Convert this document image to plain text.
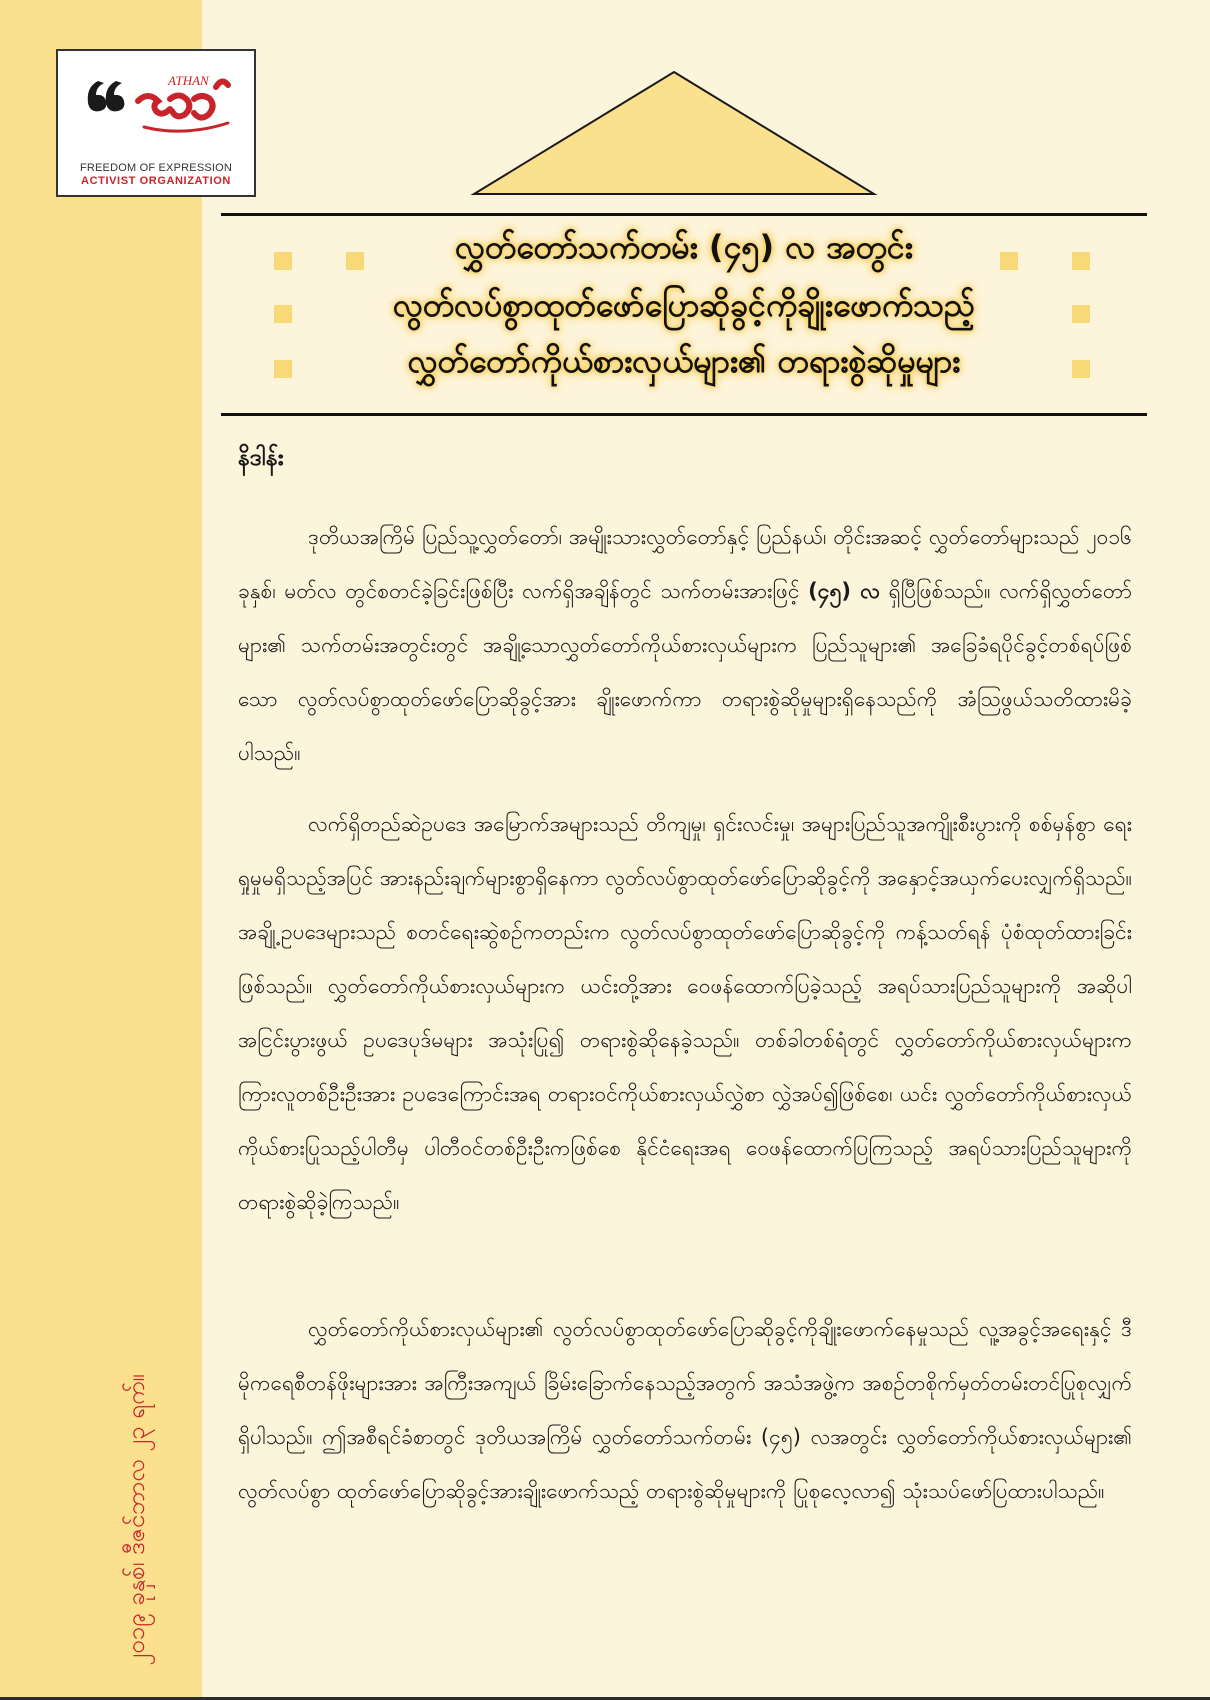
ATHAN
FREEDOM OF EXPRESSION
ACTIVIST ORGANIZATION
၂၀၁၉ ခုနှစ်၊ ဒီဇင်ဘာလ ၂၃ ရက်။
လွှတ်တော်သက်တမ်း (၄၅) လ အတွင်း
လွတ်လပ်စွာထုတ်ဖော်ပြောဆိုခွင့်ကိုချိုးဖောက်သည့်
လွှတ်တော်ကိုယ်စားလှယ်များ၏ တရားစွဲဆိုမှုများ
နိဒါန်း

ဒုတိယအကြိမ် ပြည်သူ့လွှတ်တော်၊ အမျိုးသားလွှတ်တော်နှင့် ပြည်နယ်၊ တိုင်းအဆင့် လွှတ်တော်များသည် ၂၀၁၆ ခုနှစ်၊ မတ်လ တွင်စတင်ခဲ့ခြင်းဖြစ်ပြီး လက်ရှိအချိန်တွင် သက်တမ်းအားဖြင့် (၄၅) လ ရှိပြီဖြစ်သည်။ လက်ရှိလွှတ်တော်များ၏ သက်တမ်းအတွင်းတွင် အချို့သောလွှတ်တော်ကိုယ်စားလှယ်များက ပြည်သူများ၏ အခြေခံရပိုင်ခွင့်တစ်ရပ်ဖြစ်သော လွတ်လပ်စွာထုတ်ဖော်ပြောဆိုခွင့်အား ချိုးဖောက်ကာ တရားစွဲဆိုမှုများရှိနေသည်ကို အံသြဖွယ်သတိထားမိခဲ့ပါသည်။

လက်ရှိတည်ဆဲဥပဒေ အမြောက်အများသည် တိကျမှု၊ ရှင်းလင်းမှု၊ အများပြည်သူအကျိုးစီးပွားကို စစ်မှန်စွာ ရေးရှုမှုမရှိသည့်အပြင် အားနည်းချက်များစွာရှိနေကာ လွတ်လပ်စွာထုတ်ဖော်ပြောဆိုခွင့်ကို အနှောင့်အယှက်ပေးလျှက်ရှိသည်။ အချို့ဥပဒေများသည် စတင်ရေးဆွဲစဉ်ကတည်းက လွတ်လပ်စွာထုတ်ဖော်ပြောဆိုခွင့်ကို ကန့်သတ်ရန် ပုံစံထုတ်ထားခြင်းဖြစ်သည်။ လွှတ်တော်ကိုယ်စားလှယ်များက ယင်းတို့အား ဝေဖန်ထောက်ပြခဲ့သည့် အရပ်သားပြည်သူများကို အဆိုပါ အငြင်းပွားဖွယ် ဥပဒေပုဒ်မများ အသုံးပြု၍ တရားစွဲဆိုနေခဲ့သည်။ တစ်ခါတစ်ရံတွင် လွှတ်တော်ကိုယ်စားလှယ်များက ကြားလူတစ်ဦးဦးအား ဥပဒေကြောင်းအရ တရားဝင်ကိုယ်စားလှယ်လွှဲစာ လွှဲအပ်၍ဖြစ်စေ၊ ယင်း လွှတ်တော်ကိုယ်စားလှယ် ကိုယ်စားပြုသည့်ပါတီမှ ပါတီဝင်တစ်ဦးဦးကဖြစ်စေ နိုင်ငံရေးအရ ဝေဖန်ထောက်ပြကြသည့် အရပ်သားပြည်သူများကို တရားစွဲဆိုခဲ့ကြသည်။

လွှတ်တော်ကိုယ်စားလှယ်များ၏ လွတ်လပ်စွာထုတ်ဖော်ပြောဆိုခွင့်ကိုချိုးဖောက်နေမှုသည် လူ့အခွင့်အရေးနှင့် ဒီမိုကရေစီတန်ဖိုးများအား အကြီးအကျယ် ခြိမ်းခြောက်နေသည့်အတွက် အသံအဖွဲ့က အစဉ်တစိုက်မှတ်တမ်းတင်ပြုစုလျှက်ရှိပါသည်။ ဤအစီရင်ခံစာတွင် ဒုတိယအကြိမ် လွှတ်တော်သက်တမ်း (၄၅) လအတွင်း လွှတ်တော်ကိုယ်စားလှယ်များ၏ လွတ်လပ်စွာ ထုတ်ဖော်ပြောဆိုခွင့်အားချိုးဖောက်သည့် တရားစွဲဆိုမှုများကို ပြုစုလေ့လာ၍ သုံးသပ်ဖော်ပြထားပါသည်။
